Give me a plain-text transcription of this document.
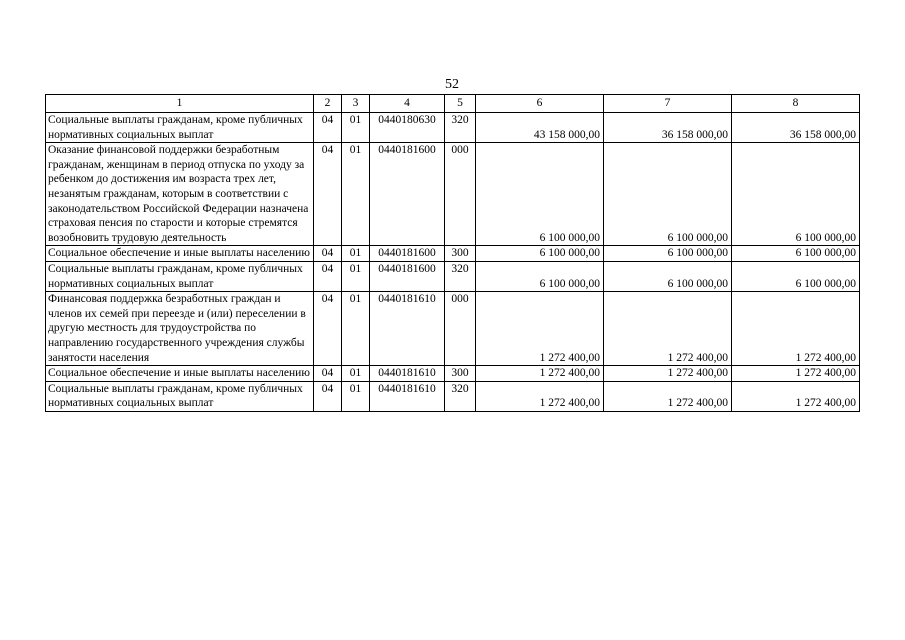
52
1	2	3	4	5	6	7	8
Социальные выплаты гражданам, кроме публичных нормативных социальных выплат	04	01	0440180630	320	43 158 000,00	36 158 000,00	36 158 000,00
Оказание финансовой поддержки безработным гражданам, женщинам в период отпуска по уходу за ребенком до достижения им возраста трех лет, незанятым гражданам, которым в соответствии с законодательством Российской Федерации назначена страховая пенсия по старости и которые стремятся возобновить трудовую деятельность	04	01	0440181600	000	6 100 000,00	6 100 000,00	6 100 000,00
Социальное обеспечение и иные выплаты населению	04	01	0440181600	300	6 100 000,00	6 100 000,00	6 100 000,00
Социальные выплаты гражданам, кроме публичных нормативных социальных выплат	04	01	0440181600	320	6 100 000,00	6 100 000,00	6 100 000,00
Финансовая поддержка безработных граждан и членов их семей при переезде и (или) переселении в другую местность для трудоустройства по направлению государственного учреждения службы занятости населения	04	01	0440181610	000	1 272 400,00	1 272 400,00	1 272 400,00
Социальное обеспечение и иные выплаты населению	04	01	0440181610	300	1 272 400,00	1 272 400,00	1 272 400,00
Социальные выплаты гражданам, кроме публичных нормативных социальных выплат	04	01	0440181610	320	1 272 400,00	1 272 400,00	1 272 400,00
